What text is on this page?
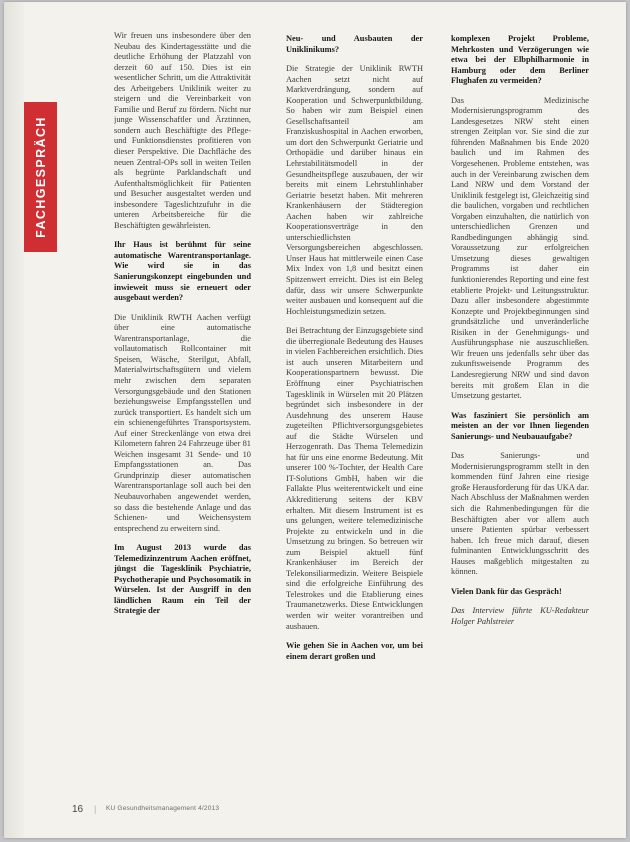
FACHGESPRÄCH

Wir freuen uns insbesondere über den Neubau des Kindertagesstätte und die deutliche Erhöhung der Platzzahl von derzeit 60 auf 150. Dies ist ein wesentlicher Schritt, um die Attraktivität des Arbeitgebers Uniklinik weiter zu steigern und die Vereinbarkeit von Familie und Beruf zu fördern. Nicht nur junge Wissenschaftler und Ärztinnen, sondern auch Beschäftigte des Pflege- und Funktionsdienstes profitieren von dieser Perspektive. Die Dachfläche des neuen Zentral-OPs soll in weiten Teilen als begrünte Parklandschaft und Aufenthaltsmöglichkeit für Patienten und Besucher ausgestaltet werden und insbesondere Tageslichtzufuhr in die unteren Arbeitsbereiche für die Beschäftigten gewährleisten.

Ihr Haus ist berühmt für seine automatische Warentransportanlage. Wie wird sie in das Sanierungskonzept eingebunden und inwieweit muss sie erneuert oder ausgebaut werden?

Die Uniklinik RWTH Aachen verfügt über eine automatische Warentransportanlage, die vollautomatisch Rollcontainer mit Speisen, Wäsche, Sterilgut, Abfall, Materialwirtschaftsgütern und vielem mehr zwischen dem separaten Versorgungsgebäude und den Stationen beziehungsweise Empfangsstellen und zurück transportiert. Es handelt sich um ein schienengeführtes Transportsystem. Auf einer Streckenlänge von etwa drei Kilometern fahren 24 Fahrzeuge über 81 Weichen insgesamt 31 Sende- und 10 Empfangsstationen an. Das Grundprinzip dieser automatischen Warentransportanlage soll auch bei den Neubauvorhaben angewendet werden, so dass die bestehende Anlage und das Schienen- und Weichensystem entsprechend zu erweitern sind.

Im August 2013 wurde das Telemedizinzentrum Aachen eröffnet, jüngst die Tagesklinik Psychiatrie, Psychotherapie und Psychosomatik in Würselen. Ist der Ausgriff in den ländlichen Raum ein Teil der Strategie der

Neu- und Ausbauten der Uniklinikums?

Die Strategie der Uniklinik RWTH Aachen setzt nicht auf Marktverdrängung, sondern auf Kooperation und Schwerpunktbildung. So haben wir zum Beispiel einen Gesellschaftsanteil am Franziskushospital in Aachen erworben, um dort den Schwerpunkt Geriatrie und Orthopädie und darüber hinaus ein Lehrstabilitätsmodell in der Gesundheitspflege auszubauen, der wir bereits mit einem Lehrstuhlinhaber Geriatrie besetzt haben. Mit mehreren Krankenhäusern der Städteregion Aachen haben wir zahlreiche Kooperationsverträge in den unterschiedlichsten Versorgungsbereichen abgeschlossen. Unser Haus hat mittlerweile einen Case Mix Index von 1,8 und besitzt einen Spitzenwert erreicht. Dies ist ein Beleg dafür, dass wir unsere Schwerpunkte weiter ausbauen und konsequent auf die Hochleistungsmedizin setzen.

Bei Betrachtung der Einzugsgebiete sind die überregionale Bedeutung des Hauses in vielen Fachbereichen ersichtlich. Dies ist auch unseren Mitarbeitern und Kooperationspartnern bewusst. Die Eröffnung einer Psychiatrischen Tagesklinik in Würselen mit 20 Plätzen begründet sich insbesondere in der Ausdehnung des unserem Hause zugeteilten Pflichtversorgungsgebietes auf die Städte Würselen und Herzogenrath. Das Thema Telemedizin hat für uns eine enorme Bedeutung. Mit unserer 100 %-Tochter, der Health Care IT-Solutions GmbH, haben wir die Fallakte Plus weiterentwickelt und eine Akkreditierung seitens der KBV erhalten. Mit diesem Instrument ist es uns gelungen, weitere telemedizinische Projekte zu entwickeln und in die Umsetzung zu bringen. So betreuen wir zum Beispiel aktuell fünf Krankenhäuser im Bereich der Telekonsiliarmedizin. Weitere Beispiele sind die erfolgreiche Einführung des Telestrokes und die Etablierung eines Traumanetzwerks. Diese Entwicklungen werden wir weiter vorantreiben und ausbauen.

Wie gehen Sie in Aachen vor, um bei einem derart großen und

komplexen Projekt Probleme, Mehrkosten und Verzögerungen wie etwa bei der Elbphilharmonie in Hamburg oder dem Berliner Flughafen zu vermeiden?

Das Medizinische Modernisierungsprogramm des Landesgesetzes NRW steht einen strengen Zeitplan vor. Sie sind die zur führenden Maßnahmen bis Ende 2020 baulich und im Rahmen des Vorgesehenen. Probleme entstehen, was auch in der Vereinbarung zwischen dem Land NRW und dem Vorstand der Uniklinik festgelegt ist, Gleichzeitig sind die baulichen, vorgaben und rechtlichen Vorgaben einzuhalten, die natürlich von unterschiedlichen Grenzen und Randbedingungen abhängig sind. Voraussetzung zur erfolgreichen Umsetzung dieses gewaltigen Programms ist daher ein funktionierendes Reporting und eine fest etablierte Projekt- und Leitungsstruktur. Dazu aller insbesondere abgestimmte Konzepte und Projektbeginnungen sind grundsätzliche und unveränderliche Risiken in der Genehmigungs- und Ausführungsphase nie auszuschließen. Wir freuen uns jedenfalls sehr über das zukunftsweisende Programm des Landesregierung NRW und sind davon bereits mit großem Elan in die Umsetzung gestartet.

Was fasziniert Sie persönlich am meisten an der vor Ihnen liegenden Sanierungs- und Neubauaufgabe?

Das Sanierungs- und Modernisierungsprogramm stellt in den kommenden fünf Jahren eine riesige große Herausforderung für das UKA dar. Nach Abschluss der Maßnahmen werden sich die Rahmenbedingungen für die Beschäftigten aber vor allem auch unsere Patienten spürbar verbessert haben. Ich freue mich darauf, diesen fulminanten Entwicklungsschritt des Hauses maßgeblich mitgestalten zu können.

Vielen Dank für das Gespräch!

Das Interview führte KU-Redakteur Holger Pahlstreier

16 | KU Gesundheitsmanagement 4/2013
